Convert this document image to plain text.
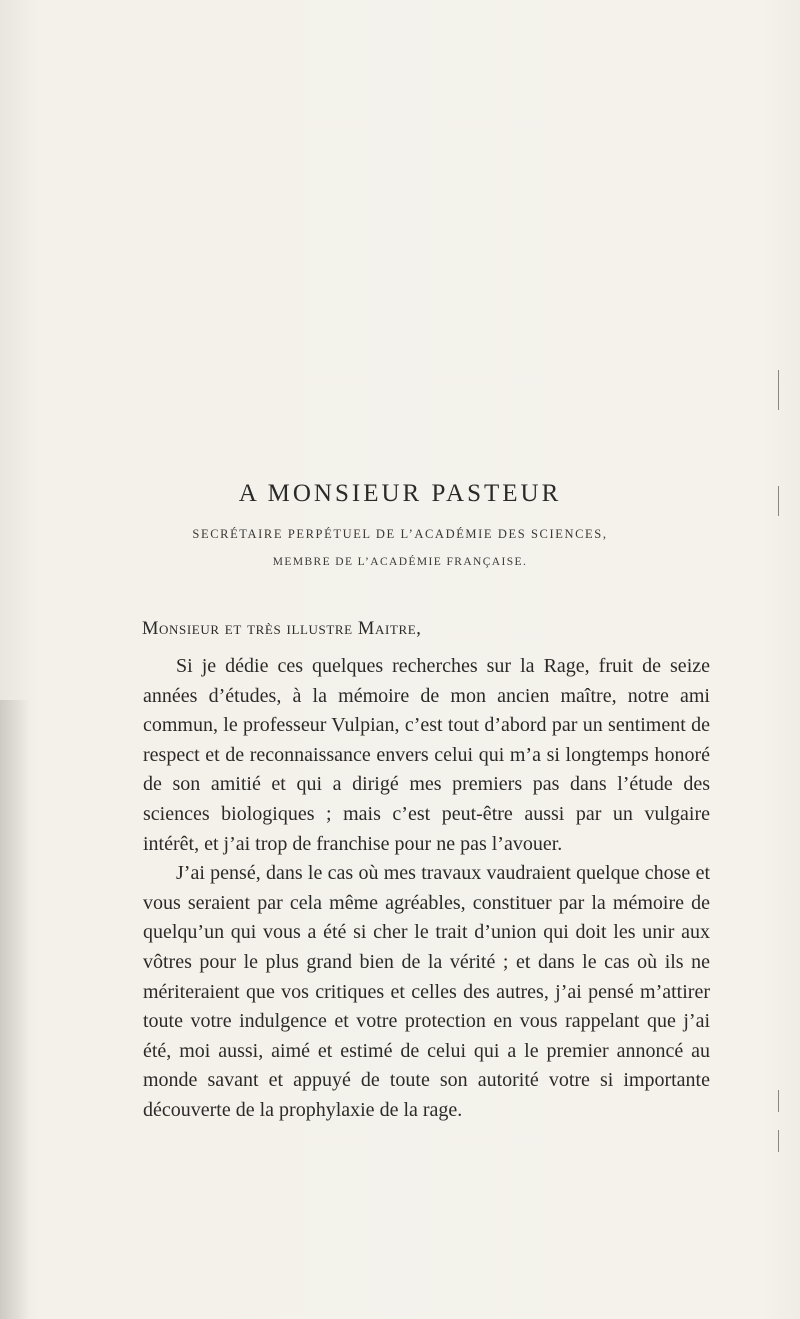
A MONSIEUR PASTEUR
SECRÉTAIRE PERPÉTUEL DE L’ACADÉMIE DES SCIENCES,
MEMBRE DE L’ACADÉMIE FRANÇAISE.
Monsieur et très illustre Maitre,

Si je dédie ces quelques recherches sur la Rage, fruit de seize années d’études, à la mémoire de mon ancien maître, notre ami commun, le professeur Vulpian, c’est tout d’abord par un sentiment de respect et de reconnaissance envers celui qui m’a si longtemps honoré de son amitié et qui a dirigé mes premiers pas dans l’étude des sciences biologiques ; mais c’est peut-être aussi par un vulgaire intérêt, et j’ai trop de franchise pour ne pas l’avouer.

J’ai pensé, dans le cas où mes travaux vaudraient quelque chose et vous seraient par cela même agréables, constituer par la mémoire de quelqu’un qui vous a été si cher le trait d’union qui doit les unir aux vôtres pour le plus grand bien de la vérité ; et dans le cas où ils ne mériteraient que vos critiques et celles des autres, j’ai pensé m’attirer toute votre indulgence et votre protection en vous rappelant que j’ai été, moi aussi, aimé et estimé de celui qui a le premier annoncé au monde savant et appuyé de toute son autorité votre si importante découverte de la prophylaxie de la rage.
